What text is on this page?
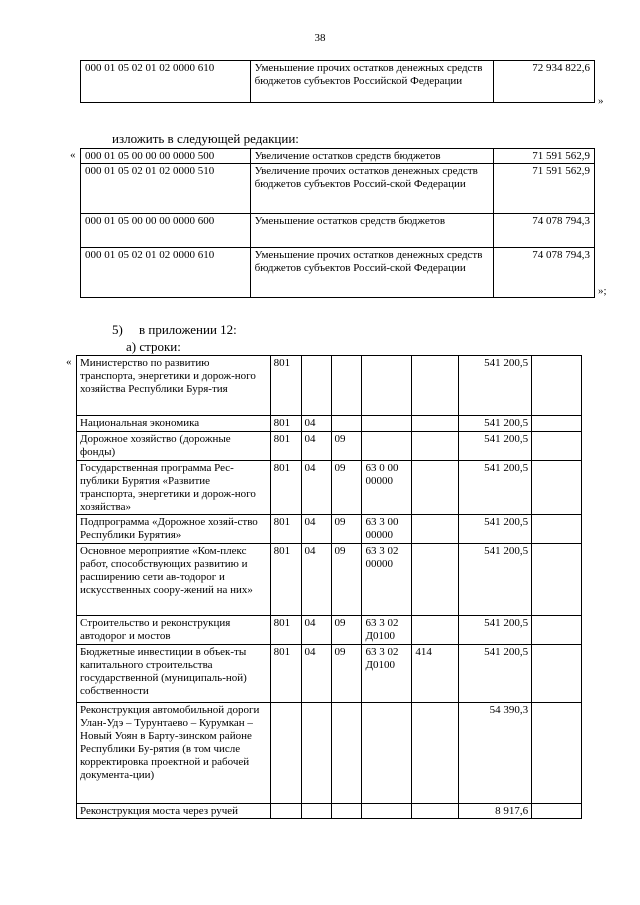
38
000 01 05 02 01 02 0000 610	Уменьшение прочих остатков денежных средств бюджетов субъектов Российской Федерации	72 934 822,6
»
изложить в следующей редакции:
« 000 01 05 00 00 00 0000 500	Увеличение остатков средств бюджетов	71 591 562,9
000 01 05 02 01 02 0000 510	Увеличение прочих остатков денежных средств бюджетов субъектов Россий-ской Федерации	71 591 562,9
000 01 05 00 00 00 0000 600	Уменьшение остатков средств бюджетов	74 078 794,3
000 01 05 02 01 02 0000 610	Уменьшение прочих остатков денежных средств бюджетов субъектов Россий-ской Федерации	74 078 794,3
»;
5) в приложении 12:
а) строки:
« Министерство по развитию транспорта, энергетики и дорож-ного хозяйства Республики Буря-тия	801					541 200,5	
Национальная экономика	801	04				541 200,5	
Дорожное хозяйство (дорожные фонды)	801	04	09			541 200,5	
Государственная программа Рес-публики Бурятия «Развитие транспорта, энергетики и дорож-ного хозяйства»	801	04	09	63 0 00 00000		541 200,5	
Подпрограмма «Дорожное хозяй-ство Республики Бурятия»	801	04	09	63 3 00 00000		541 200,5	
Основное мероприятие «Ком-плекс работ, способствующих развитию и расширению сети ав-тодорог и искусственных соору-жений на них»	801	04	09	63 3 02 00000		541 200,5	
Строительство и реконструкция автодорог и мостов	801	04	09	63 3 02 Д0100		541 200,5	
Бюджетные инвестиции в объек-ты капитального строительства государственной (муниципаль-ной) собственности	801	04	09	63 3 02 Д0100	414	541 200,5	
Реконструкция автомобильной дороги Улан-Удэ – Турунтаево – Курумкан – Новый Уоян в Барту-зинском районе Республики Бу-рятия (в том числе корректировка проектной и рабочей документа-ции)						54 390,3	
Реконструкция моста через ручей						8 917,6	
